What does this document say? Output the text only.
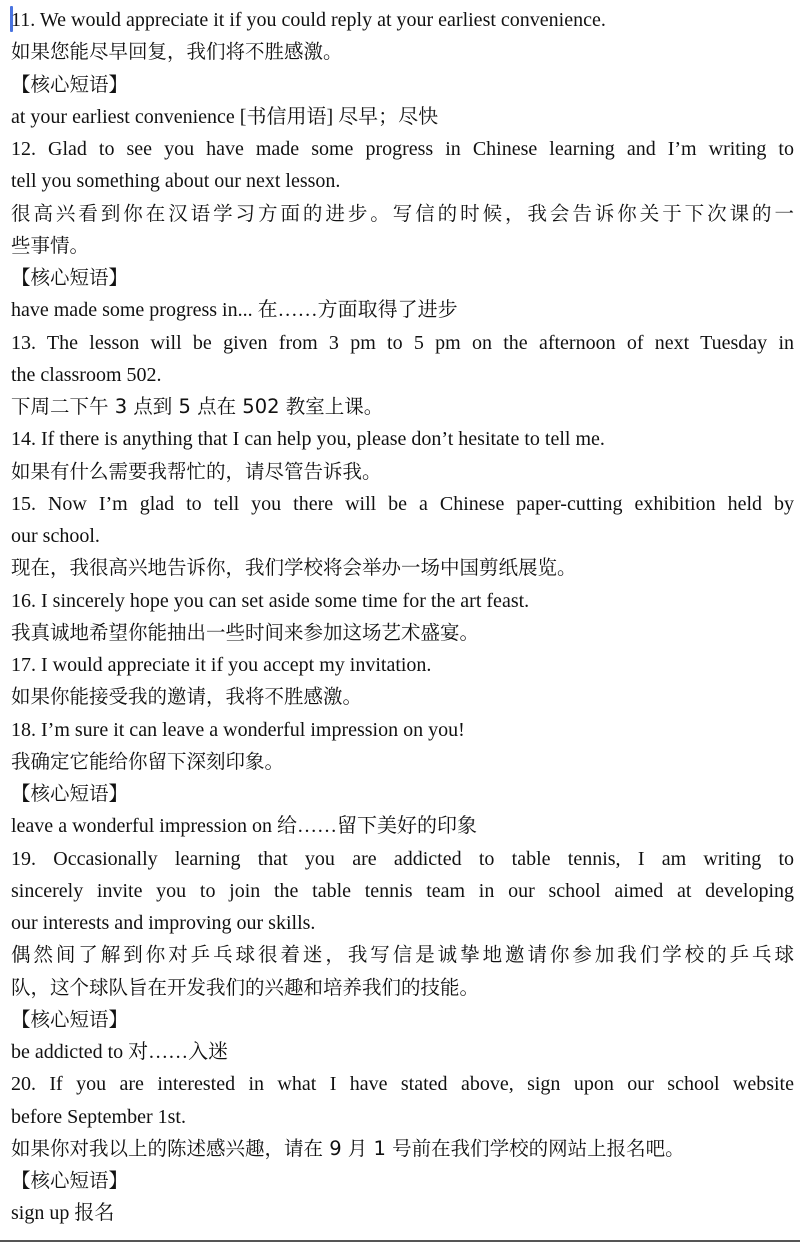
11. We would appreciate it if you could reply at your earliest convenience.
如果您能尽早回复，我们将不胜感激。
【核心短语】
at your earliest convenience [书信用语] 尽早；尽快
12. Glad to see you have made some progress in Chinese learning and I’m writing to
tell you something about our next lesson.
很高兴看到你在汉语学习方面的进步。写信的时候，我会告诉你关于下次课的一
些事情。
【核心短语】
have made some progress in... 在……方面取得了进步
13. The lesson will be given from 3 pm to 5 pm on the afternoon of next Tuesday in
the classroom 502.
下周二下午 3 点到 5 点在 502 教室上课。
14. If there is anything that I can help you, please don’t hesitate to tell me.
如果有什么需要我帮忙的，请尽管告诉我。
15. Now I’m glad to tell you there will be a Chinese paper-cutting exhibition held by
our school.
现在，我很高兴地告诉你，我们学校将会举办一场中国剪纸展览。
16. I sincerely hope you can set aside some time for the art feast.
我真诚地希望你能抽出一些时间来参加这场艺术盛宴。
17. I would appreciate it if you accept my invitation.
如果你能接受我的邀请，我将不胜感激。
18. I’m sure it can leave a wonderful impression on you!
我确定它能给你留下深刻印象。
【核心短语】
leave a wonderful impression on 给……留下美好的印象
19. Occasionally learning that you are addicted to table tennis, I am writing to
sincerely invite you to join the table tennis team in our school aimed at developing
our interests and improving our skills.
偶然间了解到你对乒乓球很着迷，我写信是诚挚地邀请你参加我们学校的乒乓球
队，这个球队旨在开发我们的兴趣和培养我们的技能。
【核心短语】
be addicted to 对……入迷
20. If you are interested in what I have stated above, sign upon our school website
before September 1st.
如果你对我以上的陈述感兴趣，请在 9 月 1 号前在我们学校的网站上报名吧。
【核心短语】
sign up 报名
